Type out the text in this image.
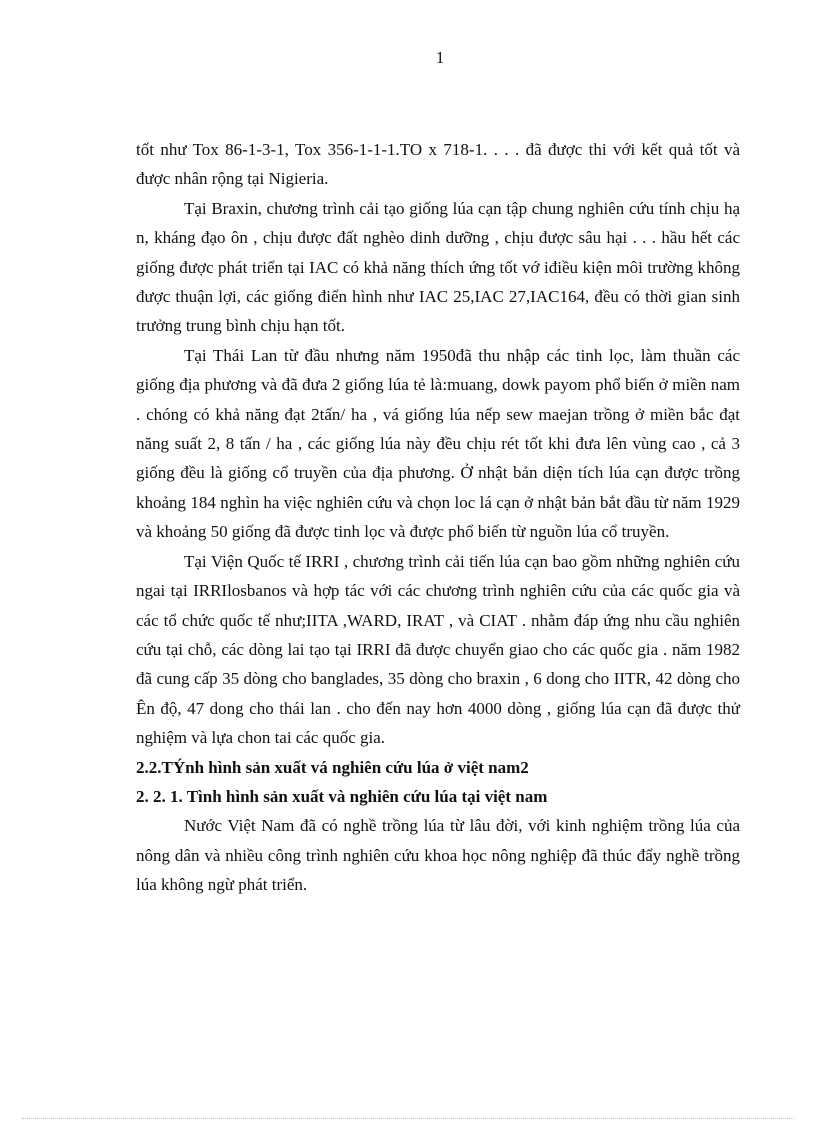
1

tốt như Tox 86-1-3-1, Tox 356-1-1-1.TO x 718-1. . . . đã được thi với kết quả tốt và được nhân rộng tại Nigieria.

Tại Braxin, chương trình cải tạo giống lúa cạn tập chung nghiên cứu tính chịu hạ n, kháng đạo ôn , chịu được đất nghèo dinh dưỡng , chịu được sâu hại . . . hầu hết các giống được phát triển tại IAC có khả năng thích ứng tốt vớ iđiều kiện môi trường không được thuận lợi, các giống điển hình như IAC 25,IAC 27,IAC164, đều có thời gian sinh trưởng trung bình chịu hạn tốt.

Tại Thái Lan từ đầu nhưng năm 1950đã thu nhập các tinh lọc, làm thuần các giống địa phương và đã đưa 2 giống lúa tẻ là:muang, dowk payom phổ biến ở miền nam . chóng có khả năng đạt 2tấn/ ha , vá giống lúa nếp sew maejan trồng ở miền bắc đạt năng suất 2, 8 tấn / ha , các giống lúa này đều chịu rét tốt khi đưa lên vùng cao , cả 3 giống đều là giống cổ truyền của địa phương. Ở nhật bản diện tích lúa cạn được trồng khoảng 184 nghìn ha việc nghiên cứu và chọn loc lá cạn ở nhật bản bắt đầu từ năm 1929 và khoảng 50 giống đã được tinh lọc và được phổ biến từ nguồn lúa cổ truyền.

Tại Viện Quốc tế IRRI , chương trình cải tiến lúa cạn bao gồm những nghiên cứu ngai tại IRRIlosbanos và hợp tác với các chương trình nghiên cứu của các quốc gia và các tổ chức quốc tế như;IITA ,WARD, IRAT , và CIAT . nhằm đáp ứng nhu cầu nghiên cứu tại chỗ, các dòng lai tạo tại IRRI đã được chuyển giao cho các quốc gia . năm 1982 đã cung cấp 35 dòng cho banglades, 35 dòng cho braxin , 6 dong cho IITR, 42 dòng cho Ên độ, 47 dong cho thái lan . cho đến nay hơn 4000 dòng , giống lúa cạn đã được thử nghiệm và lựa chon tai các quốc gia.

2.2.TÝnh hình sản xuất vá nghiên cứu lúa ở việt nam2
2. 2. 1. Tình hình sản xuất và nghiên cứu lúa tại việt nam

Nước Việt Nam đã có nghề trồng lúa từ lâu đời, với kinh nghiệm trồng lúa của nông dân và nhiều công trình nghiên cứu khoa học nông nghiệp đã thúc đẩy nghề trồng lúa không ngừ phát triển.
